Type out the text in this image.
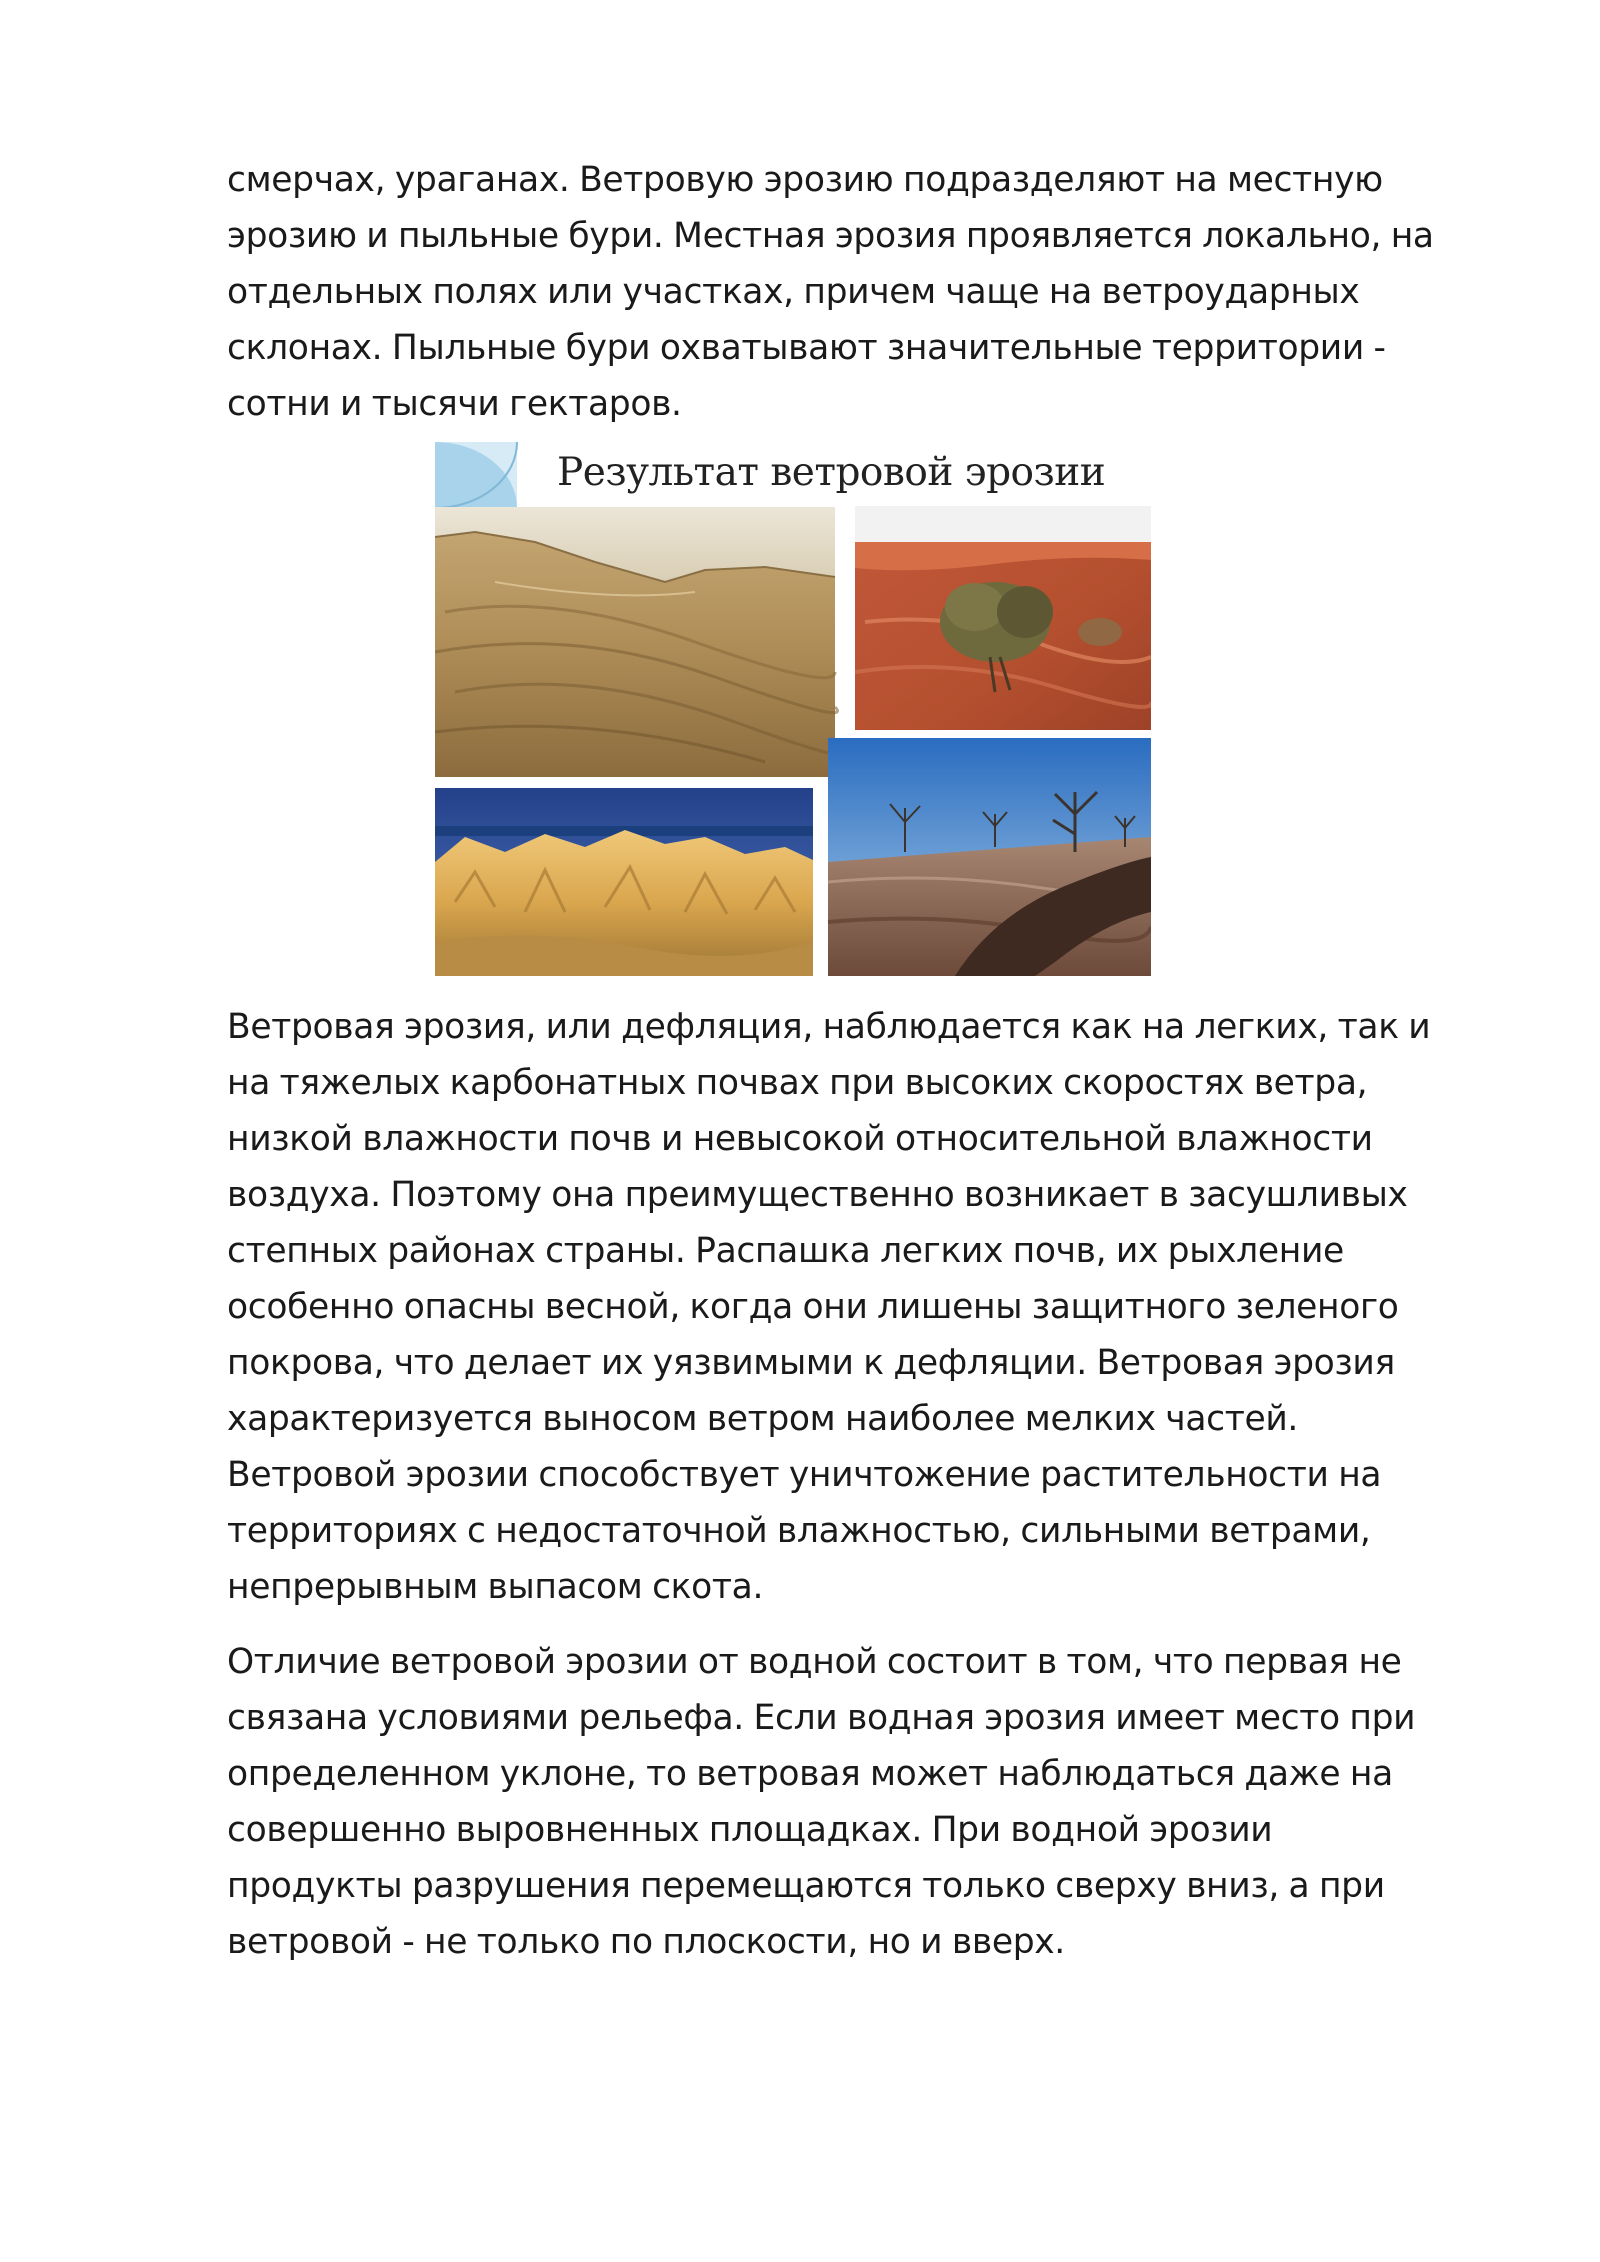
смерчах, ураганах. Ветровую эрозию подразделяют на местную
эрозию и пыльные бури. Местная эрозия проявляется локально, на
отдельных полях или участках, причем чаще на ветроударных
склонах. Пыльные бури охватывают значительные территории -
сотни и тысячи гектаров.

Результат ветровой эрозии

Ветровая эрозия, или дефляция, наблюдается как на легких, так и
на тяжелых карбонатных почвах при высоких скоростях ветра,
низкой влажности почв и невысокой относительной влажности
воздуха. Поэтому она преимущественно возникает в засушливых
степных районах страны. Распашка легких почв, их рыхление
особенно опасны весной, когда они лишены защитного зеленого
покрова, что делает их уязвимыми к дефляции. Ветровая эрозия
характеризуется выносом ветром наиболее мелких частей.
Ветровой эрозии способствует уничтожение растительности на
территориях с недостаточной влажностью, сильными ветрами,
непрерывным выпасом скота.

Отличие ветровой эрозии от водной состоит в том, что первая не
связана условиями рельефа. Если водная эрозия имеет место при
определенном уклоне, то ветровая может наблюдаться даже на
совершенно выровненных площадках. При водной эрозии
продукты разрушения перемещаются только сверху вниз, а при
ветровой - не только по плоскости, но и вверх.
